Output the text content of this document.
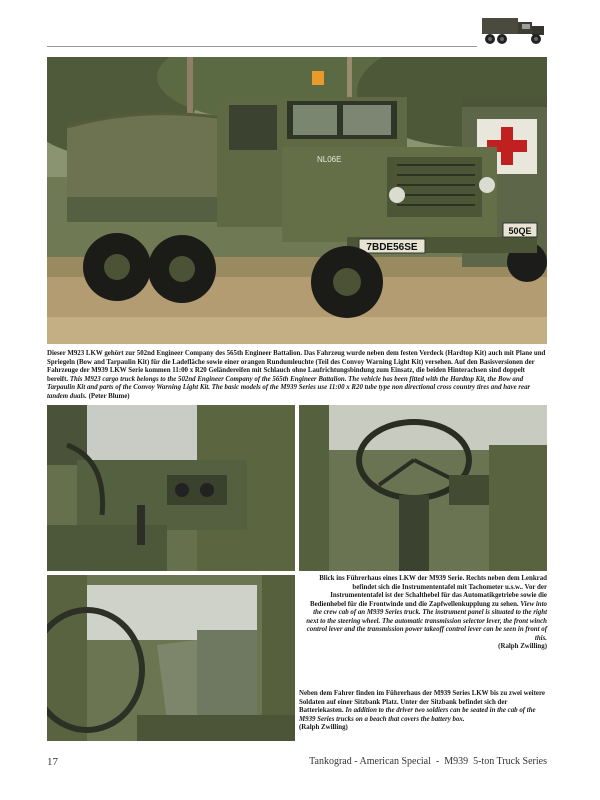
7BDE56SE
50QE
NL06E
Dieser M923 LKW gehört zur 502nd Engineer Company des 565th Engineer Battalion. Das Fahrzeug wurde neben dem festen Verdeck (Hardtop Kit) auch mit Plane und Spriegeln (Bow and Tarpaulin Kit) für die Ladefläche sowie einer orangen Rundumleuchte (Teil des Convoy Warning Light Kit) versehen. Auf den Basisversionen der Fahrzeuge der M939 LKW Serie kommen 11:00 x R20 Geländereifen mit Schlauch ohne Laufrichtungsbindung zum Einsatz, die beiden Hinterachsen sind doppelt bereift. This M923 cargo truck belongs to the 502nd Engineer Company of the 565th Engineer Battalion. The vehicle has been fitted with the Hardtop Kit, the Bow and Tarpaulin Kit and parts of the Convoy Warning Light Kit. The basic models of the M939 Series use 11:00 x R20 tube type non directional cross country tires and have rear tandem duals. (Peter Blume)
Blick ins Führerhaus eines LKW der M939 Serie. Rechts neben dem Lenkrad befindet sich die Instrumententafel mit Tachometer u.s.w.. Vor der Instrumententafel ist der Schalthebel für das Automatikgetriebe sowie die Bedienhebel für die Frontwinde und die Zapfwellenkupplung zu sehen. View into the crew cab of an M939 Series truck. The instrument panel is situated to the right next to the steering wheel. The automatic transmission selector lever, the front winch control lever and the transmission power takeoff control lever can be seen in front of this.
(Ralph Zwilling)
Neben dem Fahrer finden im Führerhaus der M939 Series LKW bis zu zwei weitere Soldaten auf einer Sitzbank Platz. Unter der Sitzbank befindet sich der Batteriekasten. In addition to the driver two soldiers can be seated in the cab of the M939 Series trucks on a beach that covers the battery box.
(Ralph Zwilling)
17	Tankograd - American Special  -  M939  5-ton Truck Series
